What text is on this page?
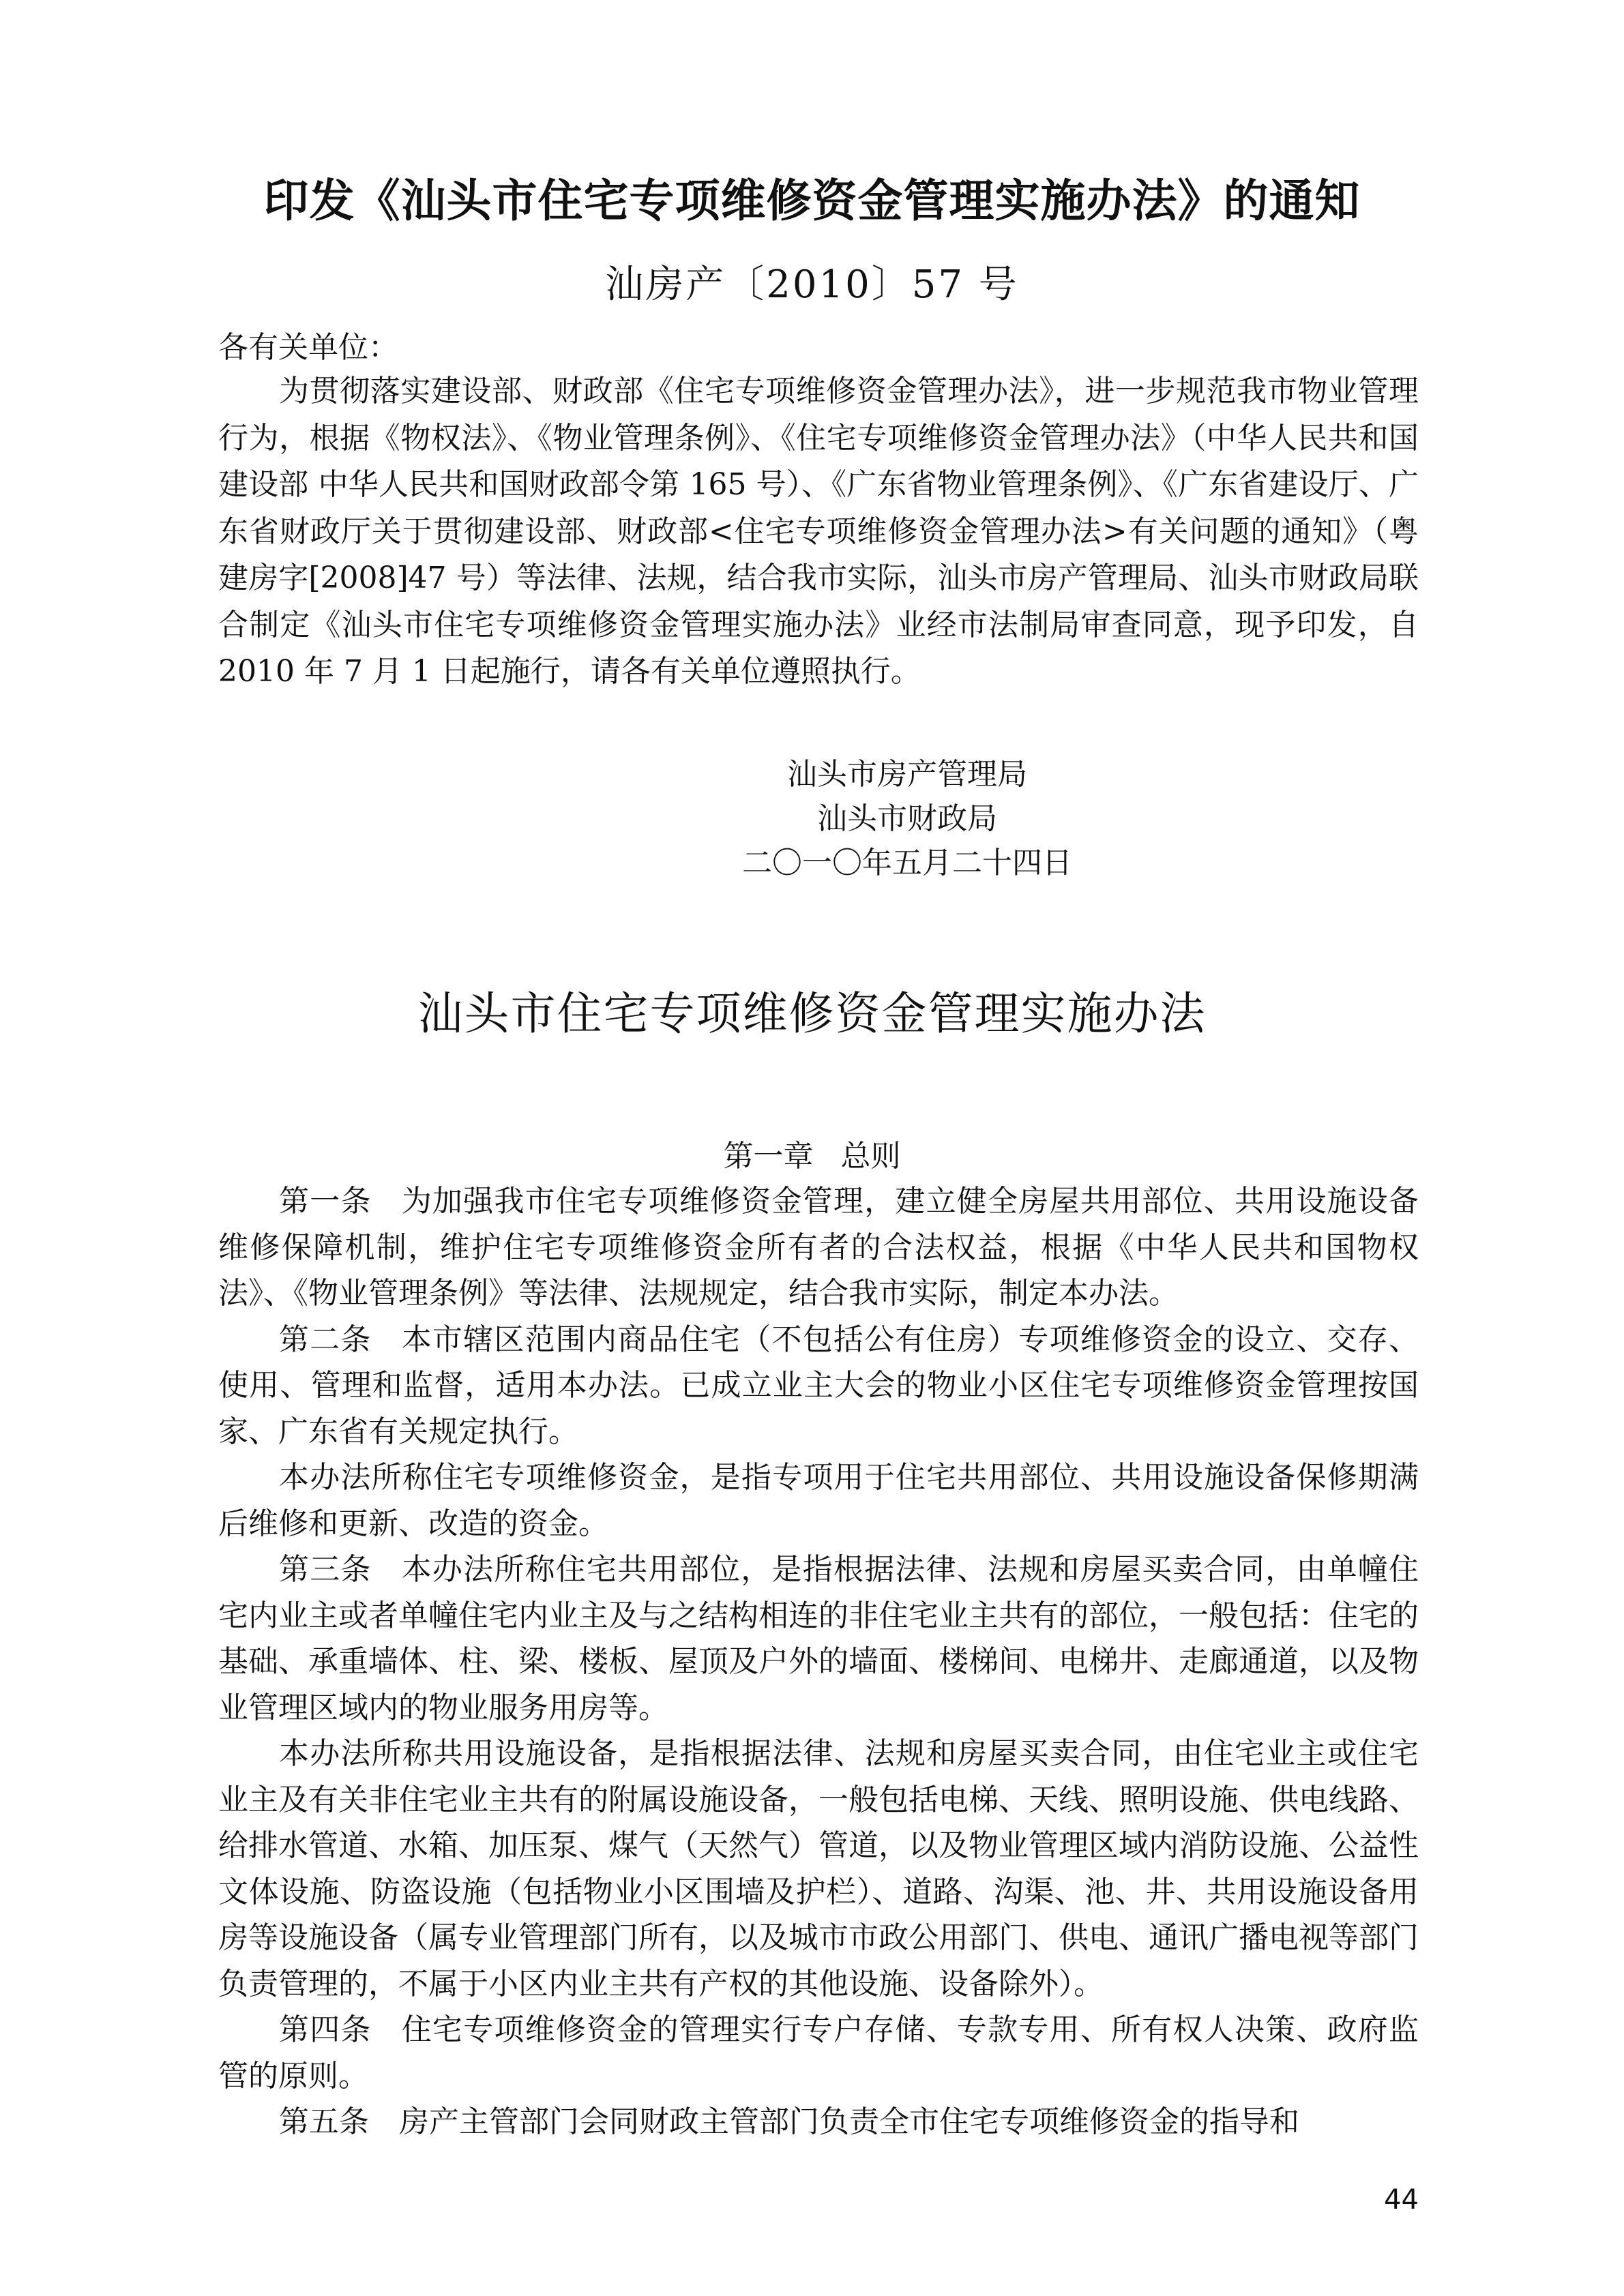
印发《汕头市住宅专项维修资金管理实施办法》的通知
汕房产〔2010〕57 号
各有关单位：

为贯彻落实建设部、财政部《住宅专项维修资金管理办法》，进一步规范我市物业管理行为，根据《物权法》、《物业管理条例》、《住宅专项维修资金管理办法》（中华人民共和国建设部 中华人民共和国财政部令第 165 号）、《广东省物业管理条例》、《广东省建设厅、广东省财政厅关于贯彻建设部、财政部<住宅专项维修资金管理办法>有关问题的通知》（粤建房字[2008]47 号）等法律、法规，结合我市实际，汕头市房产管理局、汕头市财政局联合制定《汕头市住宅专项维修资金管理实施办法》业经市法制局审查同意，现予印发，自 2010 年 7 月 1 日起施行，请各有关单位遵照执行。

汕头市房产管理局
汕头市财政局
二〇一〇年五月二十四日
汕头市住宅专项维修资金管理实施办法
第一章 总则

第一条 为加强我市住宅专项维修资金管理，建立健全房屋共用部位、共用设施设备维修保障机制，维护住宅专项维修资金所有者的合法权益，根据《中华人民共和国物权法》、《物业管理条例》等法律、法规规定，结合我市实际，制定本办法。

第二条 本市辖区范围内商品住宅（不包括公有住房）专项维修资金的设立、交存、使用、管理和监督，适用本办法。已成立业主大会的物业小区住宅专项维修资金管理按国家、广东省有关规定执行。

本办法所称住宅专项维修资金，是指专项用于住宅共用部位、共用设施设备保修期满后维修和更新、改造的资金。

第三条 本办法所称住宅共用部位，是指根据法律、法规和房屋买卖合同，由单幢住宅内业主或者单幢住宅内业主及与之结构相连的非住宅业主共有的部位，一般包括：住宅的基础、承重墙体、柱、梁、楼板、屋顶及户外的墙面、楼梯间、电梯井、走廊通道，以及物业管理区域内的物业服务用房等。

本办法所称共用设施设备，是指根据法律、法规和房屋买卖合同，由住宅业主或住宅业主及有关非住宅业主共有的附属设施设备，一般包括电梯、天线、照明设施、供电线路、给排水管道、水箱、加压泵、煤气（天然气）管道，以及物业管理区域内消防设施、公益性文体设施、防盗设施（包括物业小区围墙及护栏）、道路、沟渠、池、井、共用设施设备用房等设施设备（属专业管理部门所有，以及城市市政公用部门、供电、通讯广播电视等部门负责管理的，不属于小区内业主共有产权的其他设施、设备除外）。

第四条 住宅专项维修资金的管理实行专户存储、专款专用、所有权人决策、政府监管的原则。

第五条 房产主管部门会同财政主管部门负责全市住宅专项维修资金的指导和

44
